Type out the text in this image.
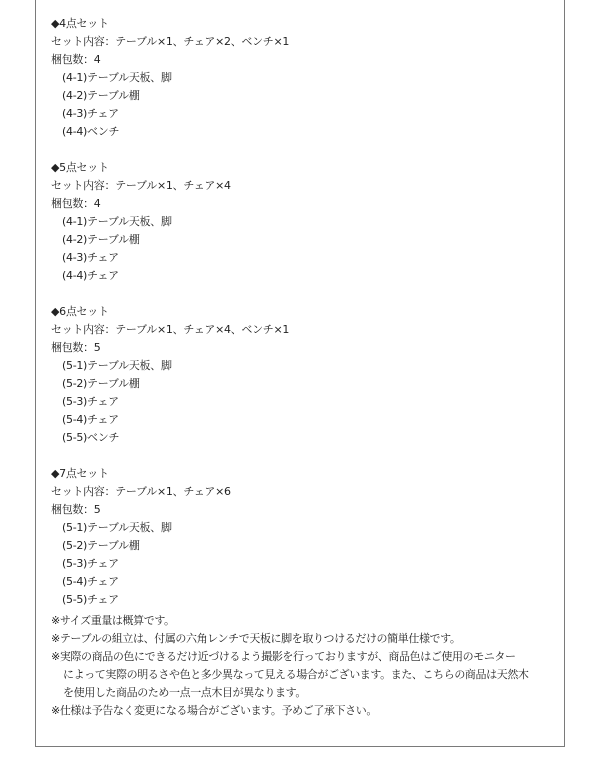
◆4点セット
セット内容：テーブル×1、チェア×2、ベンチ×1
梱包数：4
(4-1)テーブル天板、脚
(4-2)テーブル棚
(4-3)チェア
(4-4)ベンチ
◆5点セット
セット内容：テーブル×1、チェア×4
梱包数：4
(4-1)テーブル天板、脚
(4-2)テーブル棚
(4-3)チェア
(4-4)チェア
◆6点セット
セット内容：テーブル×1、チェア×4、ベンチ×1
梱包数：5
(5-1)テーブル天板、脚
(5-2)テーブル棚
(5-3)チェア
(5-4)チェア
(5-5)ベンチ
◆7点セット
セット内容：テーブル×1、チェア×6
梱包数：5
(5-1)テーブル天板、脚
(5-2)テーブル棚
(5-3)チェア
(5-4)チェア
(5-5)チェア
※サイズ重量は概算です。
※テーブルの組立は、付属の六角レンチで天板に脚を取りつけるだけの簡単仕様です。
※実際の商品の色にできるだけ近づけるよう撮影を行っておりますが、商品色はご使用のモニター
によって実際の明るさや色と多少異なって見える場合がございます。また、こちらの商品は天然木
を使用した商品のため一点一点木目が異なります。
※仕様は予告なく変更になる場合がございます。予めご了承下さい。
